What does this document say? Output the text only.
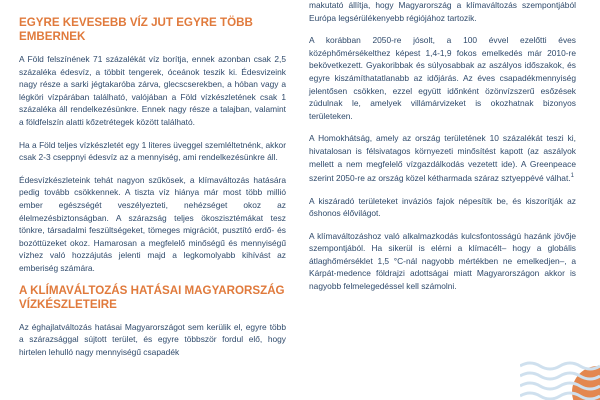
EGYRE KEVESEBB VÍZ JUT EGYRE TÖBB EMBERNEK

A Föld felszínének 71 százalékát víz borítja, ennek azonban csak 2,5 százaléka édesvíz, a többit tengerek, óceánok teszik ki. Édesvizeink nagy része a sarki jégtakaróba zárva, glecscserekben, a hóban vagy a légköri vízpárában található, valójában a Föld vízkészletének csak 1 százaléka áll rendelkezésünkre. Ennek nagy része a talajban, valamint a földfelszín alatti kőzetrétegek között található.

Ha a Föld teljes vízkészletét egy 1 literes üveggel szemléltetnénk, akkor csak 2-3 cseppnyi édesvíz az a mennyiség, ami rendelkezésünkre áll.

Édesvízkészleteink tehát nagyon szűkösek, a klímaváltozás hatására pedig tovább csökkennek. A tiszta víz hiánya már most több millió ember egészségét veszélyezteti, nehézséget okoz az élelmezésbiztonságban. A szárazság teljes ökoszisztémákat tesz tönkre, társadalmi feszültségeket, tömeges migrációt, pusztító erdő- és bozóttüzeket okoz. Hamarosan a megfelelő minőségű és mennyiségű vízhez való hozzájutás jelenti majd a legkomolyabb kihívást az emberiség számára.

A KLÍMAVÁLTOZÁS HATÁSAI MAGYARORSZÁG VÍZKÉSZLETEIRE

Az éghajlatváltozás hatásai Magyarországot sem kerülik el, egyre több a szárazsággal sújtott terület, és egyre többször fordul elő, hogy hirtelen lehulló nagy mennyiségű csapadék

makutató állítja, hogy Magyarország a klímaváltozás szempontjából Európa legsérülékenyebb régiójához tartozik.

A korábban 2050-re jósolt, a 100 évvel ezelőtti éves középhőmérsékelthez képest 1,4-1,9 fokos emelkedés már 2010-re bekövetkezett. Gyakoribbak és súlyosabbak az aszályos időszakok, és egyre kiszámíthatatlanabb az időjárás. Az éves csapadékmennyiség jelentősen csökken, ezzel együtt időnként özönvízszerű esőzések zúdulnak le, amelyek villámárvizeket is okozhatnak bizonyos területeken.

A Homokhátság, amely az ország területének 10 százalékát teszi ki, hivatalosan is félsivatagos környezeti minősítést kapott (az aszályok mellett a nem megfelelő vízgazdálkodás vezetett ide). A Greenpeace szerint 2050-re az ország közel kétharmada száraz sztyeppévé válhat.$^1$

A kiszáradó területeket inváziós fajok népesítik be, és kiszorítják az őshonos élővilágot.

A klímaváltozáshoz való alkalmazkodás kulcsfontosságú hazánk jövője szempontjából. Ha sikerül is elérni a klímacélt– hogy a globális átlaghőmérséklet 1,5 °C-nál nagyobb mértékben ne emelkedjen–, a Kárpát-medence földrajzi adottságai miatt Magyarországon akkor is nagyobb felmelegedéssel kell számolni.
